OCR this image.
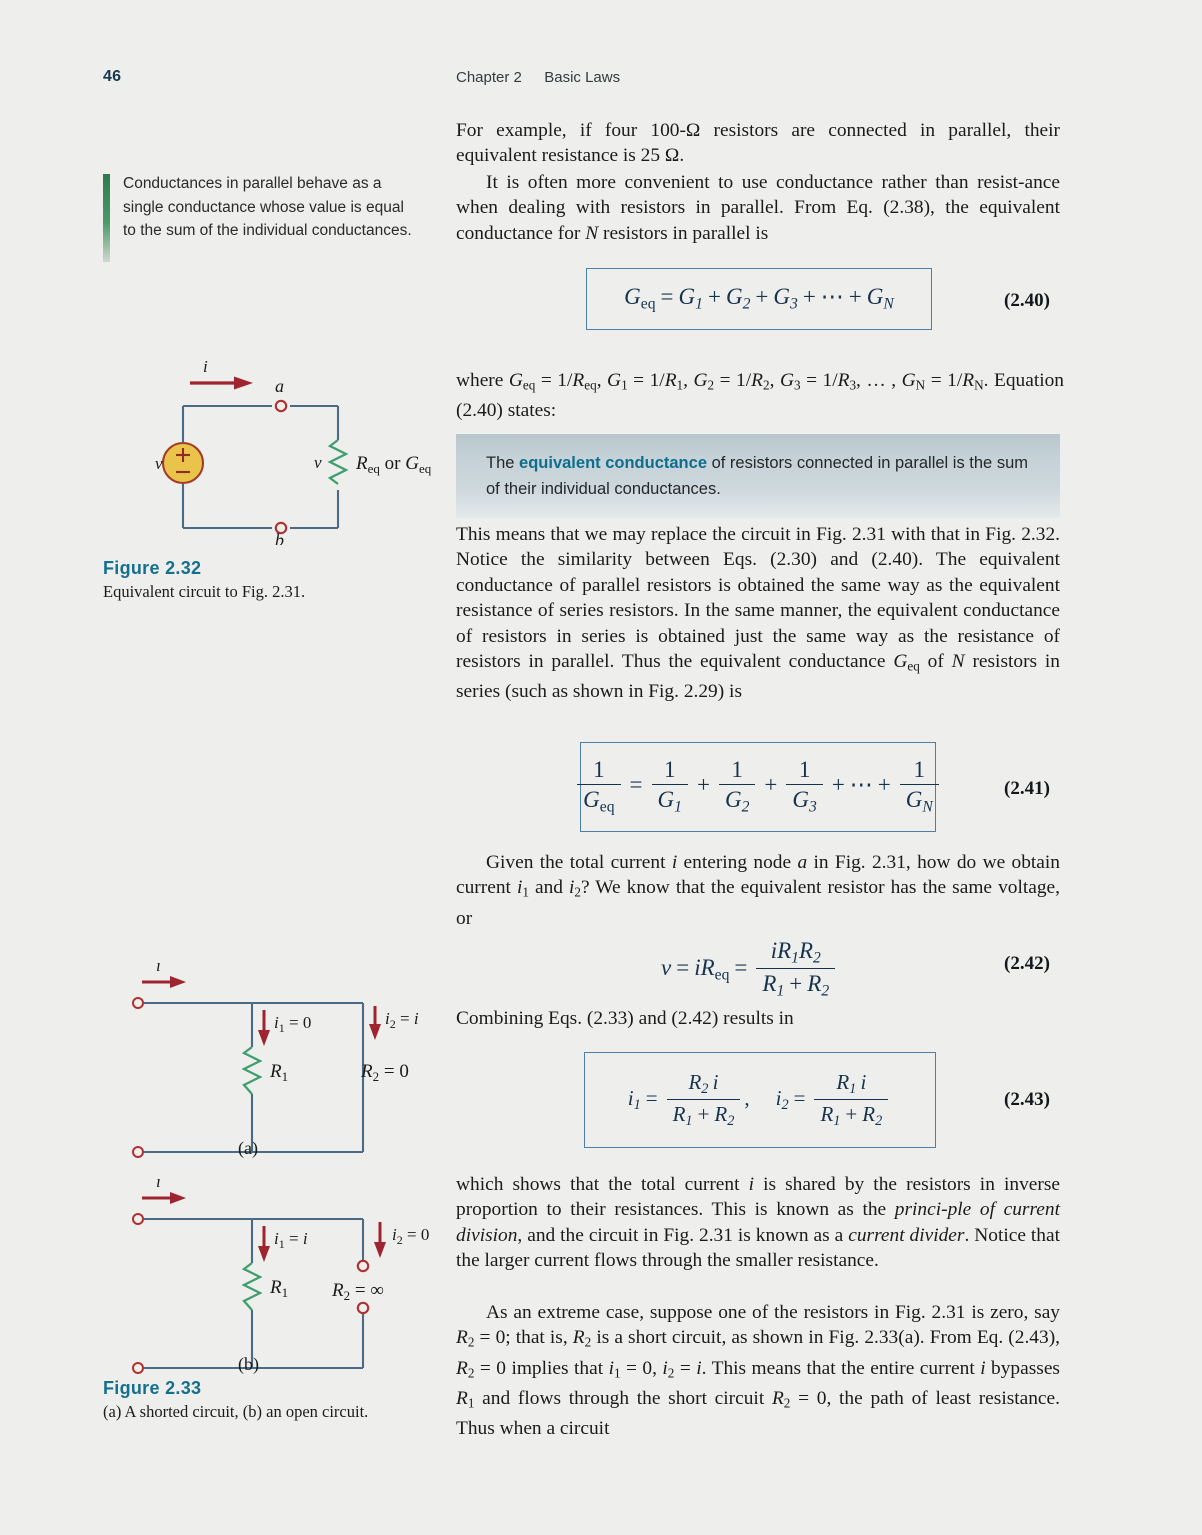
46	Chapter 2 Basic Laws
Conductances in parallel behave as a single conductance whose value is equal to the sum of the individual conductances.
i
a
b
v	v $R_{eq}$ or $G_{eq}$
Figure 2.32
Equivalent circuit to Fig. 2.31.
i
$i_1 = 0$	$i_2 = i$
$R_1$	$R_2 = 0$
(a)
i
$i_1 = i$	$i_2 = 0$
$R_1$ $R_2$ = ∞
(b)
Figure 2.33
(a) A shorted circuit, (b) an open circuit.

For example, if four 100-Ω resistors are connected in parallel, their equivalent resistance is 25 Ω.

It is often more convenient to use conductance rather than resist-ance when dealing with resistors in parallel. From Eq. (2.38), the equivalent conductance for N resistors in parallel is

$G_{eq} = G_1 + G_2 + G_3$ + ⋯ + $G_N$	(2.40)

where $G_{eq} = 1/R_{eq}$, $G_1 = 1/R_1$, $G_2 = 1/R_2$, $G_3 = 1/R_3$, … , $G_N = 1/R_N$. Equation (2.40) states:

The equivalent conductance of resistors connected in parallel is the sum of their individual conductances.

This means that we may replace the circuit in Fig. 2.31 with that in Fig. 2.32. Notice the similarity between Eqs. (2.30) and (2.40). The equivalent conductance of parallel resistors is obtained the same way as the equivalent resistance of series resistors. In the same manner, the equivalent conductance of resistors in series is obtained just the same way as the resistance of resistors in parallel. Thus the equivalent conductance $G_{eq}$ of N resistors in series (such as shown in Fig. 2.29) is

$\frac{1}{G_{eq}} = \frac{1}{G_1} + \frac{1}{G_2} + \frac{1}{G_3}$ + ⋯ + $\frac{1}{G_N}$	(2.41)

Given the total current i entering node a in Fig. 2.31, how do we obtain current $i_1$ and $i_2$? We know that the equivalent resistor has the same voltage, or

$v = iR_{eq} = \frac{iR_1R_2}{R_1 + R_2}$	(2.42)

Combining Eqs. (2.33) and (2.42) results in

$i_1 = \frac{R_2 i}{R_1 + R_2}$ , $i_2 = \frac{R_1 i}{R_1 + R_2}$	(2.43)

which shows that the total current i is shared by the resistors in inverse proportion to their resistances. This is known as the princi-ple of current division, and the circuit in Fig. 2.31 is known as a current divider. Notice that the larger current flows through the smaller resistance.

As an extreme case, suppose one of the resistors in Fig. 2.31 is zero, say $R_2 = 0$; that is, $R_2$ is a short circuit, as shown in Fig. 2.33(a). From Eq. (2.43), $R_2 = 0$ implies that $i_1 = 0$, $i_2 = i$. This means that the entire current i bypasses $R_1$ and flows through the short circuit $R_2 = 0$, the path of least resistance. Thus when a circuit
